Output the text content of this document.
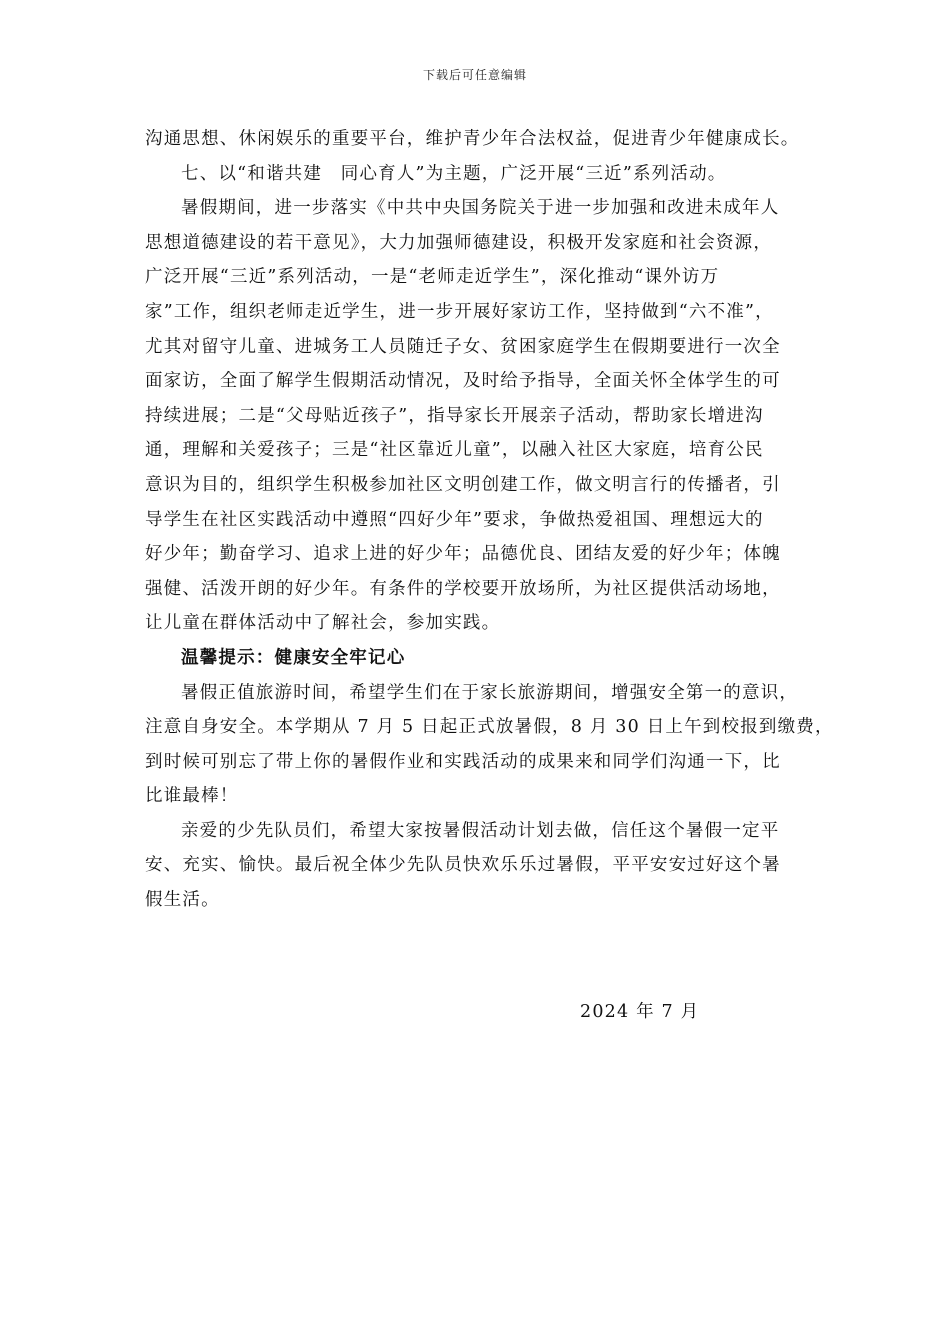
下载后可任意编辑
沟通思想、休闲娱乐的重要平台，维护青少年合法权益，促进青少年健康成长。
七、以“和谐共建　同心育人”为主题，广泛开展“三近”系列活动。
暑假期间，进一步落实《中共中央国务院关于进一步加强和改进未成年人
思想道德建设的若干意见》，大力加强师德建设，积极开发家庭和社会资源，
广泛开展“三近”系列活动，一是“老师走近学生”，深化推动“课外访万
家”工作，组织老师走近学生，进一步开展好家访工作，坚持做到“六不准”，
尤其对留守儿童、进城务工人员随迁子女、贫困家庭学生在假期要进行一次全
面家访，全面了解学生假期活动情况，及时给予指导，全面关怀全体学生的可
持续进展；二是“父母贴近孩子”，指导家长开展亲子活动，帮助家长增进沟
通，理解和关爱孩子；三是“社区靠近儿童”，以融入社区大家庭，培育公民
意识为目的，组织学生积极参加社区文明创建工作，做文明言行的传播者，引
导学生在社区实践活动中遵照“四好少年”要求，争做热爱祖国、理想远大的
好少年；勤奋学习、追求上进的好少年；品德优良、团结友爱的好少年；体魄
强健、活泼开朗的好少年。有条件的学校要开放场所，为社区提供活动场地，
让儿童在群体活动中了解社会，参加实践。
温馨提示：健康安全牢记心
暑假正值旅游时间，希望学生们在于家长旅游期间，增强安全第一的意识，
注意自身安全。本学期从 7 月 5 日起正式放暑假，8 月 30 日上午到校报到缴费，
到时候可别忘了带上你的暑假作业和实践活动的成果来和同学们沟通一下，比
比谁最棒！
亲爱的少先队员们，希望大家按暑假活动计划去做，信任这个暑假一定平
安、充实、愉快。最后祝全体少先队员快欢乐乐过暑假，平平安安过好这个暑
假生活。
2024 年 7 月
